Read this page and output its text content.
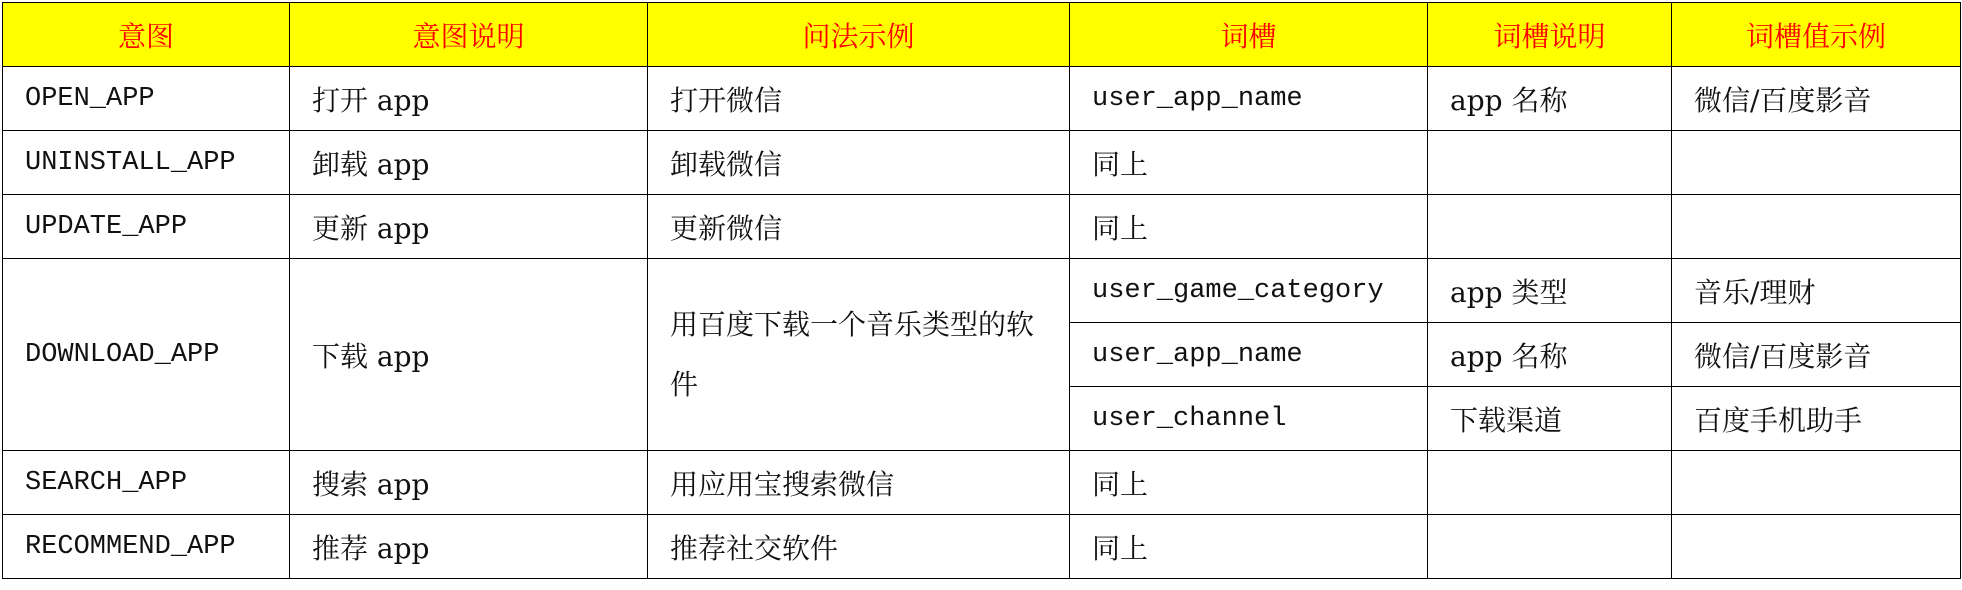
意图	意图说明	问法示例	词槽	词槽说明	词槽值示例
OPEN_APP	打开 app	打开微信	user_app_name	app 名称	微信/百度影音
UNINSTALL_APP	卸载 app	卸载微信	同上		
UPDATE_APP	更新 app	更新微信	同上		
DOWNLOAD_APP	下载 app	用百度下载一个音乐类型的软件	user_game_category	app 类型	音乐/理财
			user_app_name	app 名称	微信/百度影音
			user_channel	下载渠道	百度手机助手
SEARCH_APP	搜索 app	用应用宝搜索微信	同上		
RECOMMEND_APP	推荐 app	推荐社交软件	同上		
